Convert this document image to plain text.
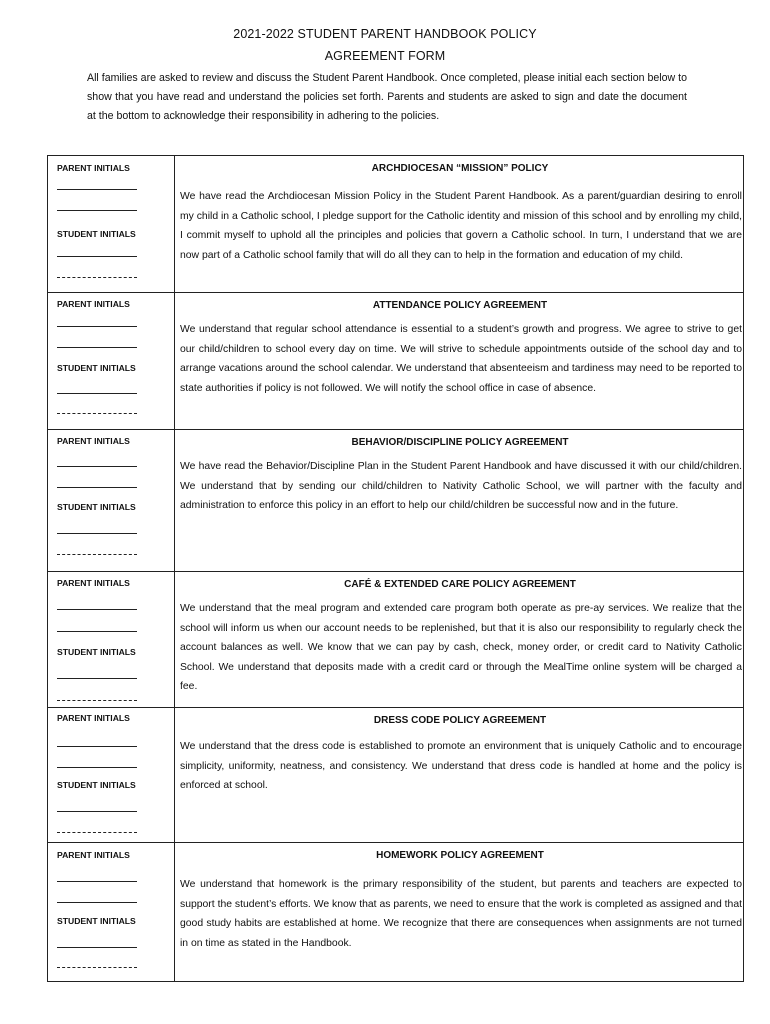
2021-2022 STUDENT PARENT HANDBOOK POLICY
AGREEMENT FORM
All families are asked to review and discuss the Student Parent Handbook. Once completed, please initial each section below to show that you have read and understand the policies set forth. Parents and students are asked to sign and date the document at the bottom to acknowledge their responsibility in adhering to the policies.
PARENT INITIALS
STUDENT INITIALS
ARCHDIOCESAN “MISSION” POLICY
We have read the Archdiocesan Mission Policy in the Student Parent Handbook. As a parent/guardian desiring to enroll my child in a Catholic school, I pledge support for the Catholic identity and mission of this school and by enrolling my child, I commit myself to uphold all the principles and policies that govern a Catholic school. In turn, I understand that we are now part of a Catholic school family that will do all they can to help in the formation and education of my child.
PARENT INITIALS
STUDENT INITIALS
ATTENDANCE POLICY AGREEMENT
We understand that regular school attendance is essential to a student’s growth and progress. We agree to strive to get our child/children to school every day on time. We will strive to schedule appointments outside of the school day and to arrange vacations around the school calendar. We understand that absenteeism and tardiness may need to be reported to state authorities if policy is not followed. We will notify the school office in case of absence.
PARENT INITIALS
STUDENT INITIALS
BEHAVIOR/DISCIPLINE POLICY AGREEMENT
We have read the Behavior/Discipline Plan in the Student Parent Handbook and have discussed it with our child/children. We understand that by sending our child/children to Nativity Catholic School, we will partner with the faculty and administration to enforce this policy in an effort to help our child/children be successful now and in the future.
PARENT INITIALS
STUDENT INITIALS
CAFÉ & EXTENDED CARE POLICY AGREEMENT
We understand that the meal program and extended care program both operate as pre-ay services. We realize that the school will inform us when our account needs to be replenished, but that it is also our responsibility to regularly check the account balances as well. We know that we can pay by cash, check, money order, or credit card to Nativity Catholic School. We understand that deposits made with a credit card or through the MealTime online system will be charged a fee.
PARENT INITIALS
STUDENT INITIALS
DRESS CODE POLICY AGREEMENT
We understand that the dress code is established to promote an environment that is uniquely Catholic and to encourage simplicity, uniformity, neatness, and consistency. We understand that dress code is handled at home and the policy is enforced at school.
PARENT INITIALS
STUDENT INITIALS
HOMEWORK POLICY AGREEMENT
We understand that homework is the primary responsibility of the student, but parents and teachers are expected to support the student’s efforts. We know that as parents, we need to ensure that the work is completed as assigned and that good study habits are established at home. We recognize that there are consequences when assignments are not turned in on time as stated in the Handbook.
